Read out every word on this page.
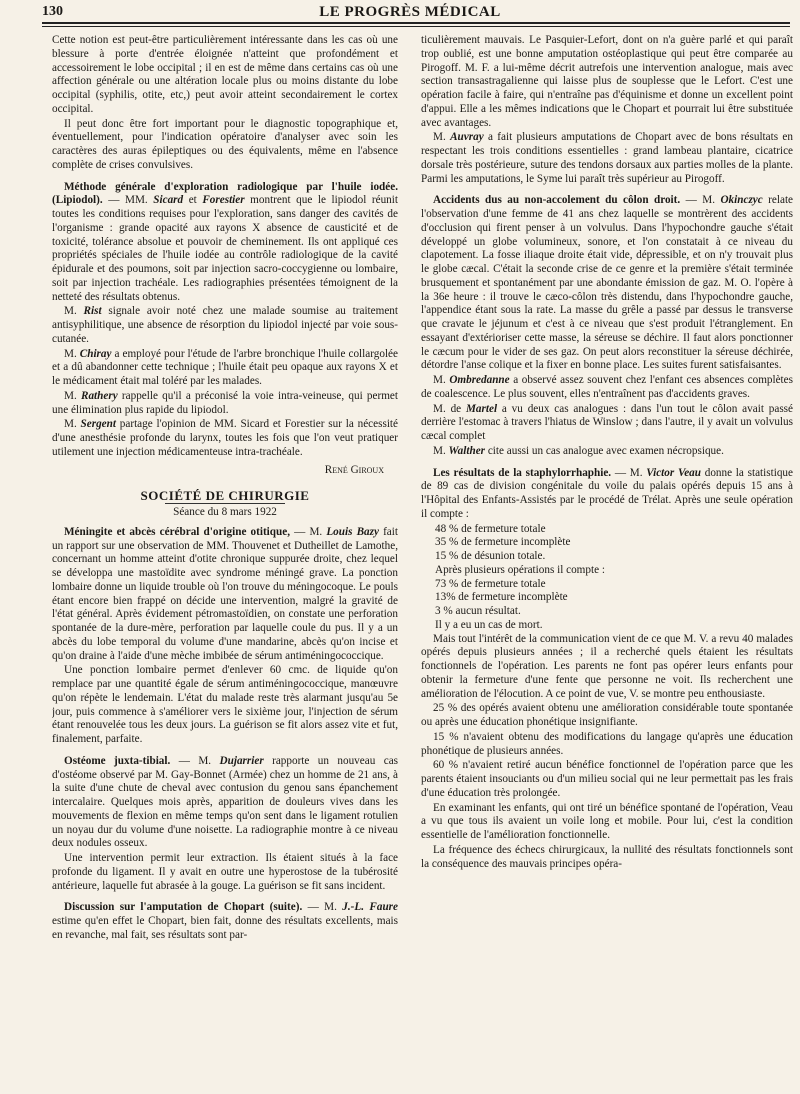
130	LE PROGRÈS MÉDICAL

Cette notion est peut-être particulièrement intéressante dans les cas où une blessure à porte d'entrée éloignée n'atteint que profondément et accessoirement le lobe occipital ; il en est de même dans certains cas où une affection générale ou une altération locale plus ou moins distante du lobe occipital (syphilis, otite, etc,) peut avoir atteint secondairement le cortex occipital.

Il peut donc être fort important pour le diagnostic topographique et, éventuellement, pour l'indication opératoire d'analyser avec soin les caractères des auras épileptiques ou des équivalents, même en l'absence complète de crises convulsives.

Méthode générale d'exploration radiologique par l'huile iodée. (Lipiodol). — MM. Sicard et Forestier montrent que le lipiodol réunit toutes les conditions requises pour l'exploration, sans danger des cavités de l'organisme : grande opacité aux rayons X absence de causticité et de toxicité, tolérance absolue et pouvoir de cheminement. Ils ont appliqué ces propriétés spéciales de l'huile iodée au contrôle radiologique de la cavité épidurale et des poumons, soit par injection sacro-coccygienne ou lombaire, soit par injection trachéale. Les radiographies présentées témoignent de la netteté des résultats obtenus.

M. Rist signale avoir noté chez une malade soumise au traitement antisyphilitique, une absence de résorption du lipiodol injecté par voie sous-cutanée.

M. Chiray a employé pour l'étude de l'arbre bronchique l'huile collargolée et a dû abandonner cette technique ; l'huile était peu opaque aux rayons X et le médicament était mal toléré par les malades.

M. Rathery rappelle qu'il a préconisé la voie intra-veineuse, qui permet une élimination plus rapide du lipiodol.

M. Sergent partage l'opinion de MM. Sicard et Forestier sur la nécessité d'une anesthésie profonde du larynx, toutes les fois que l'on veut pratiquer utilement une injection médicamenteuse intra-trachéale.

René Giroux
SOCIÉTÉ DE CHIRURGIE
Séance du 8 mars 1922

Méningite et abcès cérébral d'origine otitique, — M. Louis Bazy fait un rapport sur une observation de MM. Thouvenet et Dutheillet de Lamothe, concernant un homme atteint d'otite chronique suppurée droite, chez lequel se développa une mastoïdite avec syndrome méningé grave. La ponction lombaire donne un liquide trouble où l'on trouve du méningocoque. Le pouls étant encore bien frappé on décide une intervention, malgré la gravité de l'état général. Après évidement pétromastoïdien, on constate une perforation spontanée de la dure-mère, perforation par laquelle coule du pus. Il y a un abcès du lobe temporal du volume d'une mandarine, abcès qu'on incise et qu'on draine à l'aide d'une mèche imbibée de sérum antiméningococcique.

Une ponction lombaire permet d'enlever 60 cmc. de liquide qu'on remplace par une quantité égale de sérum antiméningococcique, manœuvre qu'on répète le lendemain. L'état du malade reste très alarmant jusqu'au 5e jour, puis commence à s'améliorer vers le sixième jour, l'injection de sérum étant renouvelée tous les deux jours. La guérison se fit alors assez vite et fut, finalement, parfaite.

Ostéome juxta-tibial. — M. Dujarrier rapporte un nouveau cas d'ostéome observé par M. Gay-Bonnet (Armée) chez un homme de 21 ans, à la suite d'une chute de cheval avec contusion du genou sans épanchement intercalaire. Quelques mois après, apparition de douleurs vives dans les mouvements de flexion en même temps qu'on sent dans le ligament rotulien un noyau dur du volume d'une noisette. La radiographie montre à ce niveau deux nodules osseux.

Une intervention permit leur extraction. Ils étaient situés à la face profonde du ligament. Il y avait en outre une hyperostose de la tubérosité antérieure, laquelle fut abrasée à la gouge. La guérison se fit sans incident.

Discussion sur l'amputation de Chopart (suite). — M. J.-L. Faure estime qu'en effet le Chopart, bien fait, donne des résultats excellents, mais en revanche, mal fait, ses résultats sont par-

ticulièrement mauvais. Le Pasquier-Lefort, dont on n'a guère parlé et qui paraît trop oublié, est une bonne amputation ostéoplastique qui peut être comparée au Pirogoff. M. F. a lui-même décrit autrefois une intervention analogue, mais avec section transastragalienne qui laisse plus de souplesse que le Lefort. C'est une opération facile à faire, qui n'entraîne pas d'équinisme et donne un excellent point d'appui. Elle a les mêmes indications que le Chopart et pourrait lui être substituée avec avantages.

M. Auvray a fait plusieurs amputations de Chopart avec de bons résultats en respectant les trois conditions essentielles : grand lambeau plantaire, cicatrice dorsale très postérieure, suture des tendons dorsaux aux parties molles de la plante. Parmi les amputations, le Syme lui paraît très supérieur au Pirogoff.

Accidents dus au non-accolement du côlon droit. — M. Okinczyc relate l'observation d'une femme de 41 ans chez laquelle se montrèrent des accidents d'occlusion qui firent penser à un volvulus. Dans l'hypochondre gauche s'était développé un globe volumineux, sonore, et l'on constatait à ce niveau du clapotement. La fosse iliaque droite était vide, dépressible, et on n'y trouvait plus le globe cæcal. C'était la seconde crise de ce genre et la première s'était terminée brusquement et spontanément par une abondante émission de gaz. M. O. l'opère à la 36e heure : il trouve le cæco-côlon très distendu, dans l'hypochondre gauche, l'appendice étant sous la rate. La masse du grêle a passé par dessus le transverse que cravate le jéjunum et c'est à ce niveau que s'est produit l'étranglement. En essayant d'extérioriser cette masse, la séreuse se déchire. Il faut alors ponctionner le cæcum pour le vider de ses gaz. On peut alors reconstituer la séreuse déchirée, détordre l'anse colique et la fixer en bonne place. Les suites furent satisfaisantes.

M. Ombredanne a observé assez souvent chez l'enfant ces absences complètes de coalescence. Le plus souvent, elles n'entraînent pas d'accidents graves.

M. de Martel a vu deux cas analogues : dans l'un tout le côlon avait passé derrière l'estomac à travers l'hiatus de Winslow ; dans l'autre, il y avait un volvulus cæcal complet

M. Walther cite aussi un cas analogue avec examen nécropsique.

Les résultats de la staphylorrhaphie. — M. Victor Veau donne la statistique de 89 cas de division congénitale du voile du palais opérés depuis 15 ans à l'Hôpital des Enfants-Assistés par le procédé de Trélat. Après une seule opération il compte :

48 % de fermeture totale

35 % de fermeture incomplète

15 % de désunion totale.

Après plusieurs opérations il compte :

73 % de fermeture totale

13% de fermeture incomplète

3 % aucun résultat.

Il y a eu un cas de mort.

Mais tout l'intérêt de la communication vient de ce que M. V. a revu 40 malades opérés depuis plusieurs années ; il a recherché quels étaient les résultats fonctionnels de l'opération. Les parents ne font pas opérer leurs enfants pour obtenir la fermeture d'une fente que personne ne voit. Ils recherchent une amélioration de l'élocution. A ce point de vue, V. se montre peu enthousiaste.

25 % des opérés avaient obtenu une amélioration considérable toute spontanée ou après une éducation phonétique insignifiante.

15 % n'avaient obtenu des modifications du langage qu'après une éducation phonétique de plusieurs années.

60 % n'avaient retiré aucun bénéfice fonctionnel de l'opération parce que les parents étaient insouciants ou d'un milieu social qui ne leur permettait pas les frais d'une éducation très prolongée.

En examinant les enfants, qui ont tiré un bénéfice spontané de l'opération, Veau a vu que tous ils avaient un voile long et mobile. Pour lui, c'est la condition essentielle de l'amélioration fonctionnelle.

La fréquence des échecs chirurgicaux, la nullité des résultats fonctionnels sont la conséquence des mauvais principes opéra-
